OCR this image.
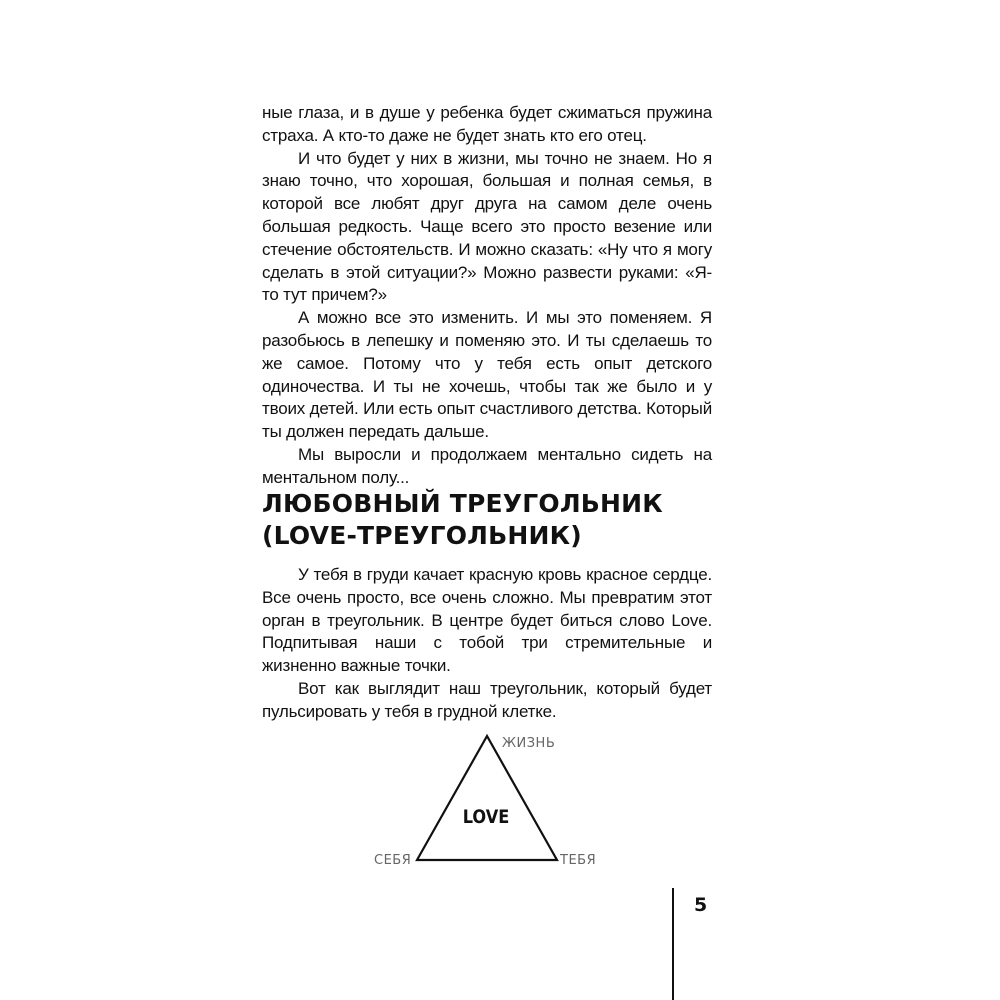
ные глаза, и в душе у ребенка будет сжиматься пружина страха. А кто-то даже не будет знать кто его отец.

И что будет у них в жизни, мы точно не знаем. Но я знаю точно, что хорошая, большая и полная семья, в которой все любят друг друга на самом деле очень большая редкость. Чаще всего это просто везение или стечение обстоятельств. И можно сказать: «Ну что я могу сделать в этой ситуации?» Можно развести руками: «Я-то тут причем?»

А можно все это изменить. И мы это поменяем. Я разобьюсь в лепешку и поменяю это. И ты сделаешь то же самое. Потому что у тебя есть опыт детского одиночества. И ты не хочешь, чтобы так же было и у твоих детей. Или есть опыт счастливого детства. Который ты должен передать дальше.

Мы выросли и продолжаем ментально сидеть на ментальном полу...

ЛЮБОВНЫЙ ТРЕУГОЛЬНИК
(LOVE-ТРЕУГОЛЬНИК)

У тебя в груди качает красную кровь красное сердце. Все очень просто, все очень сложно. Мы превратим этот орган в треугольник. В центре будет биться слово Love. Подпитывая наши с тобой три стремительные и жизненно важные точки.

Вот как выглядит наш треугольник, который будет пульсировать у тебя в грудной клетке.

ЖИЗНЬ
СЕБЯ	ТЕБЯ
LOVE
5
